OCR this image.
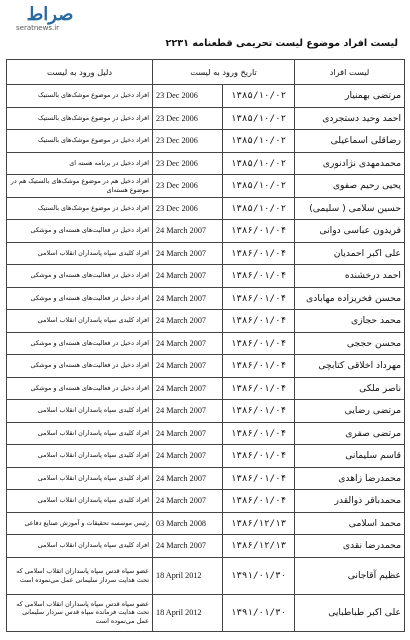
صراط
seratnews.ir
لیست افراد موضوع لیست تحریمی قطعنامه ۲۲۳۱
لیست افراد	تاریخ ورود به لیست		دلیل ورود به لیست
مرتضی بهمنیار	۱۳۸۵/۱۰/۰۲	23 Dec 2006	افراد دخیل در موضوع موشک‌های بالستیک
احمد وحید دستجردی	۱۳۸۵/۱۰/۰۲	23 Dec 2006	افراد دخیل در موضوع موشک‌های بالستیک
رضاقلی اسماعیلی	۱۳۸۵/۱۰/۰۲	23 Dec 2006	افراد دخیل در موضوع موشک‌های بالستیک
محمدمهدی نژادنوری	۱۳۸۵/۱۰/۰۲	23 Dec 2006	افراد دخیل در برنامه هسته ای
یحیی رحیم صفوی	۱۳۸۵/۱۰/۰۲	23 Dec 2006	افراد دخیل هم در موضوع موشک‌های بالستیک هم در موضوع هسته‌ای
حسین سلامی ( سلیمی)	۱۳۸۵/۱۰/۰۲	23 Dec 2006	افراد دخیل در موضوع موشک‌های بالستیک
فریدون عباسی دوانی	۱۳۸۶/۰۱/۰۴	24 March 2007	افراد دخیل در فعالیت‌های هسته‌ای و موشکی
علی اکبر احمدیان	۱۳۸۶/۰۱/۰۴	24 March 2007	افراد کلیدی سپاه پاسداران انقلاب اسلامی
احمد درخشنده	۱۳۸۶/۰۱/۰۴	24 March 2007	افراد دخیل در فعالیت‌های هسته‌ای و موشکی
محسن فخریزاده مهابادی	۱۳۸۶/۰۱/۰۴	24 March 2007	افراد دخیل در فعالیت‌های هسته‌ای و موشکی
محمد حجازی	۱۳۸۶/۰۱/۰۴	24 March 2007	افراد کلیدی سپاه پاسداران انقلاب اسلامی
محسن حججی	۱۳۸۶/۰۱/۰۴	24 March 2007	افراد دخیل در فعالیت‌های هسته‌ای و موشکی
مهرداد اخلاقی کتابچی	۱۳۸۶/۰۱/۰۴	24 March 2007	افراد دخیل در فعالیت‌های هسته‌ای و موشکی
ناصر ملکی	۱۳۸۶/۰۱/۰۴	24 March 2007	افراد دخیل در فعالیت‌های هسته‌ای و موشکی
مرتضی رضایی	۱۳۸۶/۰۱/۰۴	24 March 2007	افراد کلیدی سپاه پاسداران انقلاب اسلامی
مرتضی صفری	۱۳۸۶/۰۱/۰۴	24 March 2007	افراد کلیدی سپاه پاسداران انقلاب اسلامی
قاسم سلیمانی	۱۳۸۶/۰۱/۰۴	24 March 2007	افراد کلیدی سپاه پاسداران انقلاب اسلامی
محمدرضا زاهدی	۱۳۸۶/۰۱/۰۴	24 March 2007	افراد کلیدی سپاه پاسداران انقلاب اسلامی
محمدباقر ذوالقدر	۱۳۸۶/۰۱/۰۴	24 March 2007	افراد کلیدی سپاه پاسداران انقلاب اسلامی
محمد اسلامی	۱۳۸۶/۱۲/۱۳	03 March 2008	رئیس موسسه تحقیقات و آموزش صنایع دفاعی
محمدرضا نقدی	۱۳۸۶/۱۲/۱۳	24 March 2007	افراد کلیدی سپاه پاسداران انقلاب اسلامی
عظیم آقاجانی	۱۳۹۱/۰۱/۳۰	18 April 2012	عضو سپاه قدس سپاه پاسداران انقلاب اسلامی که تحت هدایت سردار سلیمانی عمل می‌نموده است
علی اکبر طباطبایی	۱۳۹۱/۰۱/۳۰	18 April 2012	عضو سپاه قدس سپاه پاسداران انقلاب اسلامی که تحت هدایت فرمانده سپاه قدس سردار سلیمانی عمل می‌نموده است
